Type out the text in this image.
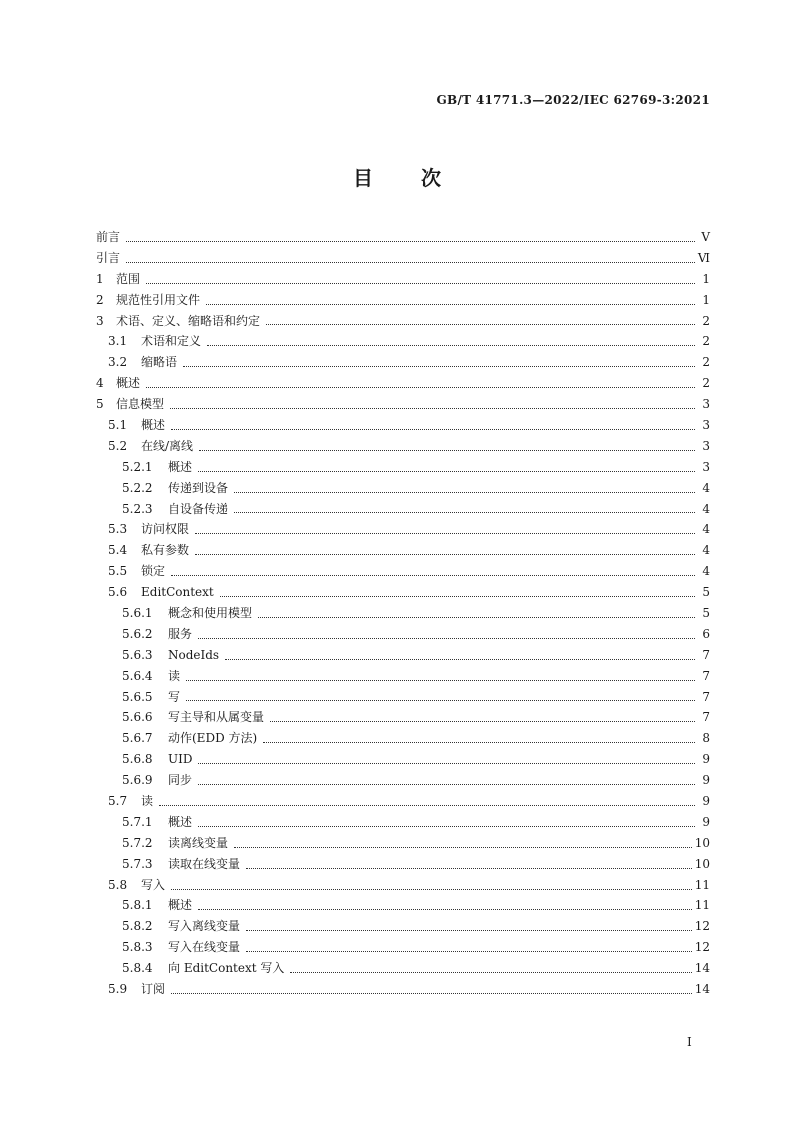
GB/T 41771.3—2022/IEC 62769-3:2021
目 次
前言	Ⅴ
引言	Ⅵ
1	范围	1
2	规范性引用文件	1
3	术语、定义、缩略语和约定	2
3.1	术语和定义	2
3.2	缩略语	2
4	概述	2
5	信息模型	3
5.1	概述	3
5.2	在线/离线	3
5.2.1	概述	3
5.2.2	传递到设备	4
5.2.3	自设备传递	4
5.3	访问权限	4
5.4	私有参数	4
5.5	锁定	4
5.6	EditContext	5
5.6.1	概念和使用模型	5
5.6.2	服务	6
5.6.3	NodeIds	7
5.6.4	读	7
5.6.5	写	7
5.6.6	写主导和从属变量	7
5.6.7	动作(EDD 方法)	8
5.6.8	UID	9
5.6.9	同步	9
5.7	读	9
5.7.1	概述	9
5.7.2	读离线变量	10
5.7.3	读取在线变量	10
5.8	写入	11
5.8.1	概述	11
5.8.2	写入离线变量	12
5.8.3	写入在线变量	12
5.8.4	向 EditContext 写入	14
5.9	订阅	14
I
